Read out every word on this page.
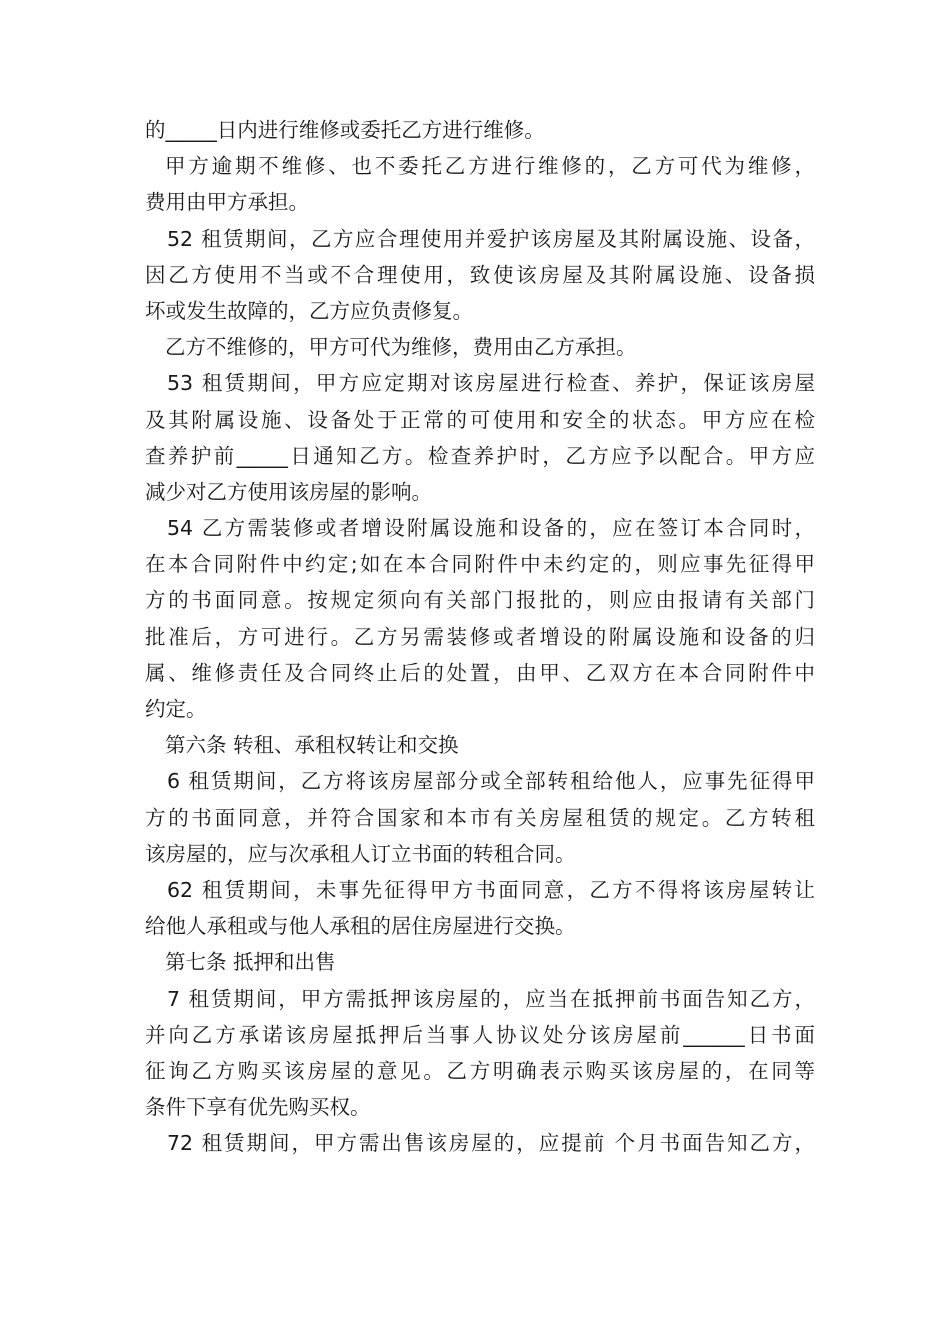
的_____日内进行维修或委托乙方进行维修。
甲方逾期不维修、也不委托乙方进行维修的，乙方可代为维修，
费用由甲方承担。
52 租赁期间，乙方应合理使用并爱护该房屋及其附属设施、设备，
因乙方使用不当或不合理使用，致使该房屋及其附属设施、设备损
坏或发生故障的，乙方应负责修复。
乙方不维修的，甲方可代为维修，费用由乙方承担。
53 租赁期间，甲方应定期对该房屋进行检查、养护，保证该房屋
及其附属设施、设备处于正常的可使用和安全的状态。甲方应在检
查养护前_____日通知乙方。检查养护时，乙方应予以配合。甲方应
减少对乙方使用该房屋的影响。
54 乙方需装修或者增设附属设施和设备的，应在签订本合同时，
在本合同附件中约定;如在本合同附件中未约定的，则应事先征得甲
方的书面同意。按规定须向有关部门报批的，则应由报请有关部门
批准后，方可进行。乙方另需装修或者增设的附属设施和设备的归
属、维修责任及合同终止后的处置，由甲、乙双方在本合同附件中
约定。
第六条 转租、承租权转让和交换
6 租赁期间，乙方将该房屋部分或全部转租给他人，应事先征得甲
方的书面同意，并符合国家和本市有关房屋租赁的规定。乙方转租
该房屋的，应与次承租人订立书面的转租合同。
62 租赁期间，未事先征得甲方书面同意，乙方不得将该房屋转让
给他人承租或与他人承租的居住房屋进行交换。
第七条 抵押和出售
7 租赁期间，甲方需抵押该房屋的，应当在抵押前书面告知乙方，
并向乙方承诺该房屋抵押后当事人协议处分该房屋前______日书面
征询乙方购买该房屋的意见。乙方明确表示购买该房屋的，在同等
条件下享有优先购买权。
72 租赁期间，甲方需出售该房屋的，应提前 个月书面告知乙方，
